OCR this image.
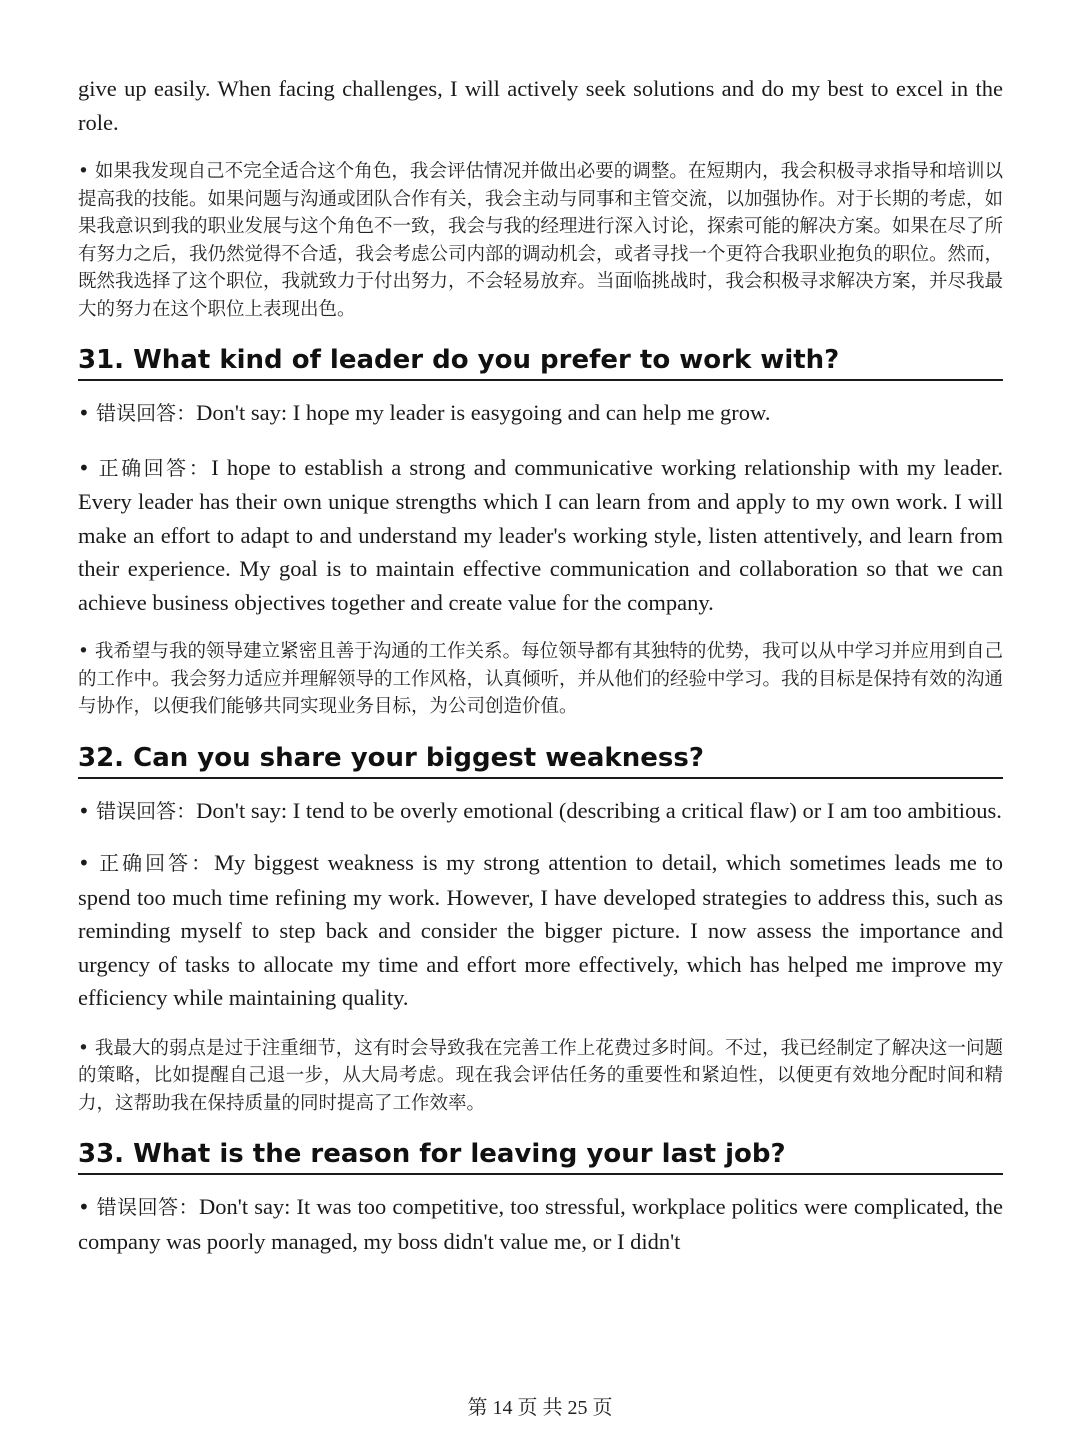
give up easily. When facing challenges, I will actively seek solutions and do my best to excel in the role.

• 如果我发现自己不完全适合这个角色，我会评估情况并做出必要的调整。在短期内，我会积极寻求指导和培训以提高我的技能。如果问题与沟通或团队合作有关，我会主动与同事和主管交流，以加强协作。对于长期的考虑，如果我意识到我的职业发展与这个角色不一致，我会与我的经理进行深入讨论，探索可能的解决方案。如果在尽了所有努力之后，我仍然觉得不合适，我会考虑公司内部的调动机会，或者寻找一个更符合我职业抱负的职位。然而，既然我选择了这个职位，我就致力于付出努力，不会轻易放弃。当面临挑战时，我会积极寻求解决方案，并尽我最大的努力在这个职位上表现出色。

31. What kind of leader do you prefer to work with?

• 错误回答：Don't say: I hope my leader is easygoing and can help me grow.

• 正确回答：I hope to establish a strong and communicative working relationship with my leader. Every leader has their own unique strengths which I can learn from and apply to my own work. I will make an effort to adapt to and understand my leader's working style, listen attentively, and learn from their experience. My goal is to maintain effective communication and collaboration so that we can achieve business objectives together and create value for the company.

• 我希望与我的领导建立紧密且善于沟通的工作关系。每位领导都有其独特的优势，我可以从中学习并应用到自己的工作中。我会努力适应并理解领导的工作风格，认真倾听，并从他们的经验中学习。我的目标是保持有效的沟通与协作，以便我们能够共同实现业务目标，为公司创造价值。

32. Can you share your biggest weakness?

• 错误回答：Don't say: I tend to be overly emotional (describing a critical flaw) or I am too ambitious.

• 正确回答：My biggest weakness is my strong attention to detail, which sometimes leads me to spend too much time refining my work. However, I have developed strategies to address this, such as reminding myself to step back and consider the bigger picture. I now assess the importance and urgency of tasks to allocate my time and effort more effectively, which has helped me improve my efficiency while maintaining quality.

• 我最大的弱点是过于注重细节，这有时会导致我在完善工作上花费过多时间。不过，我已经制定了解决这一问题的策略，比如提醒自己退一步，从大局考虑。现在我会评估任务的重要性和紧迫性，以便更有效地分配时间和精力，这帮助我在保持质量的同时提高了工作效率。

33. What is the reason for leaving your last job?

• 错误回答：Don't say: It was too competitive, too stressful, workplace politics were complicated, the company was poorly managed, my boss didn't value me, or I didn't

第 14 页 共 25 页
